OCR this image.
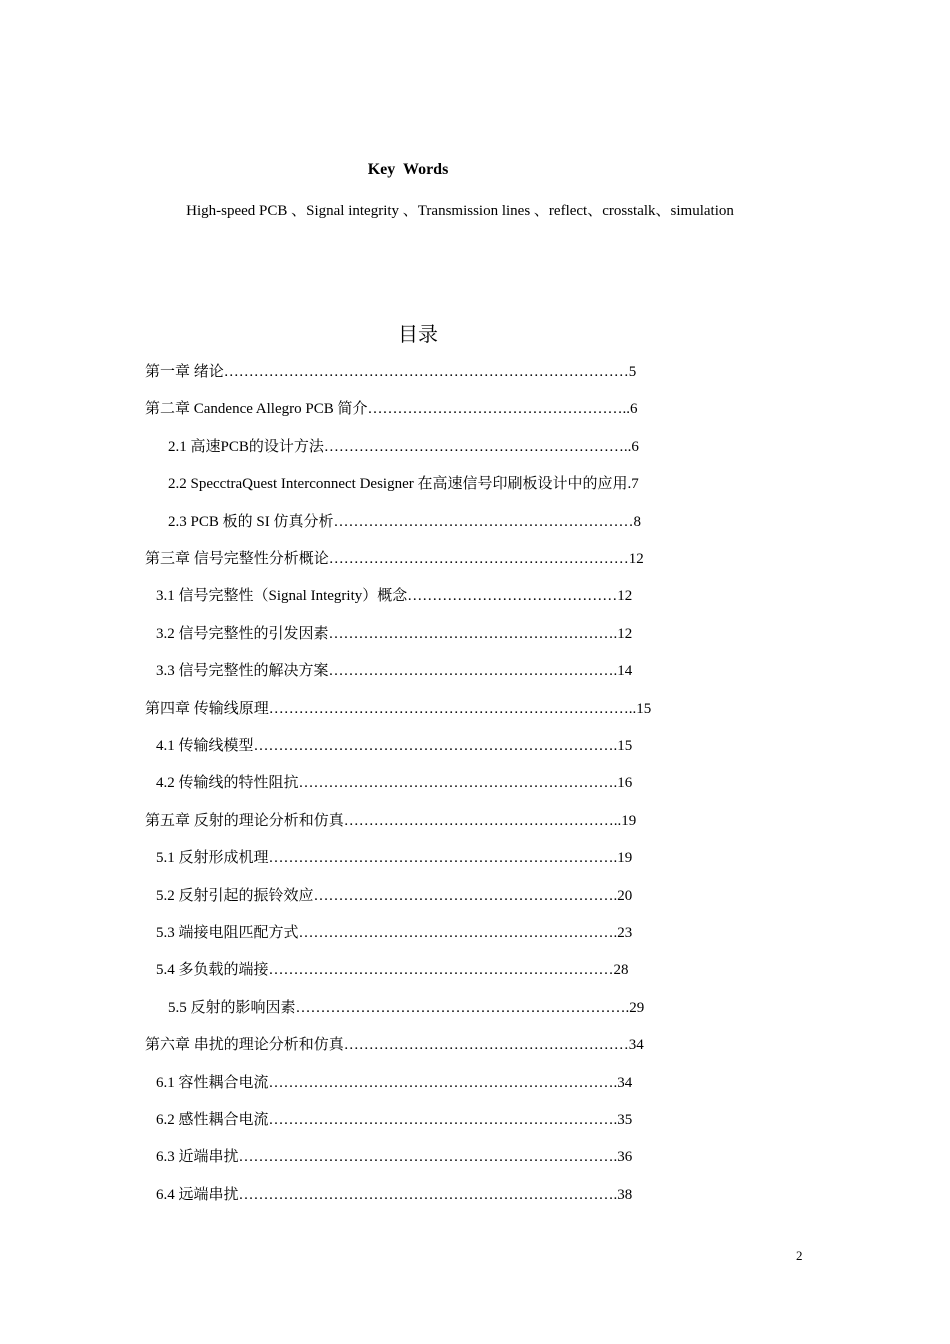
Key Words
High-speed PCB 、Signal integrity 、Transmission lines 、reflect、crosstalk、simulation
目录
第一章 绪论………………………………………………………………………5
第二章 Candence Allegro PCB 简介……………………………………………..6
2.1 高速PCB的设计方法……………………………………………………..6
2.2 SpecctraQuest Interconnect Designer 在高速信号印刷板设计中的应用.7
2.3 PCB 板的 SI 仿真分析……………………………………………………8
第三章 信号完整性分析概论……………………………………………………12
3.1 信号完整性（Signal Integrity）概念……………………………………12
3.2 信号完整性的引发因素………………………………………………….12
3.3 信号完整性的解决方案………………………………………………….14
第四章 传输线原理………………………………………………………………..15
4.1 传输线模型……………………………………………………………….15
4.2 传输线的特性阻抗……………………………………………………….16
第五章 反射的理论分析和仿真………………………………………………..19
5.1 反射形成机理…………………………………………………………….19
5.2 反射引起的振铃效应…………………………………………………….20
5.3 端接电阻匹配方式……………………………………………………….23
5.4 多负载的端接……………………………………………………………28
5.5 反射的影响因素………………………………………………………….29
第六章 串扰的理论分析和仿真…………………………………………………34
6.1 容性耦合电流…………………………………………………………….34
6.2 感性耦合电流…………………………………………………………….35
6.3 近端串扰………………………………………………………………….36
6.4 远端串扰………………………………………………………………….38
2
